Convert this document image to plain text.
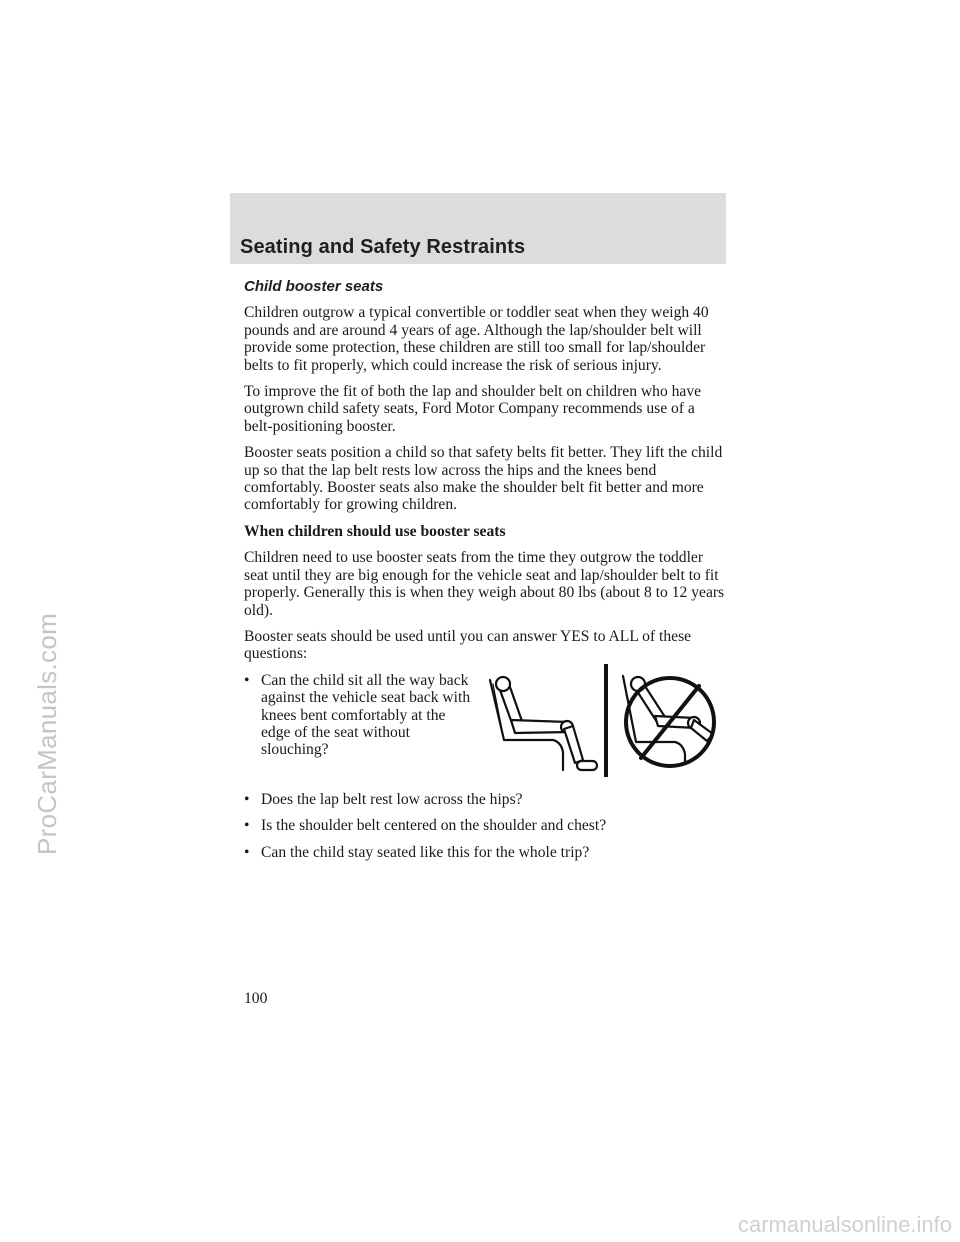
Seating and Safety Restraints
Child booster seats

Children outgrow a typical convertible or toddler seat when they weigh 40 pounds and are around 4 years of age. Although the lap/shoulder belt will provide some protection, these children are still too small for lap/shoulder belts to fit properly, which could increase the risk of serious injury.

To improve the fit of both the lap and shoulder belt on children who have outgrown child safety seats, Ford Motor Company recommends use of a belt-positioning booster.

Booster seats position a child so that safety belts fit better. They lift the child up so that the lap belt rests low across the hips and the knees bend comfortably. Booster seats also make the shoulder belt fit better and more comfortably for growing children.

When children should use booster seats

Children need to use booster seats from the time they outgrow the toddler seat until they are big enough for the vehicle seat and lap/shoulder belt to fit properly. Generally this is when they weigh about 80 lbs (about 8 to 12 years old).

Booster seats should be used until you can answer YES to ALL of these questions:

• Can the child sit all the way back against the vehicle seat back with knees bent comfortably at the edge of the seat without slouching?
• Does the lap belt rest low across the hips?
• Is the shoulder belt centered on the shoulder and chest?
• Can the child stay seated like this for the whole trip?
100
ProCarManuals.com
carmanualsonline.info
